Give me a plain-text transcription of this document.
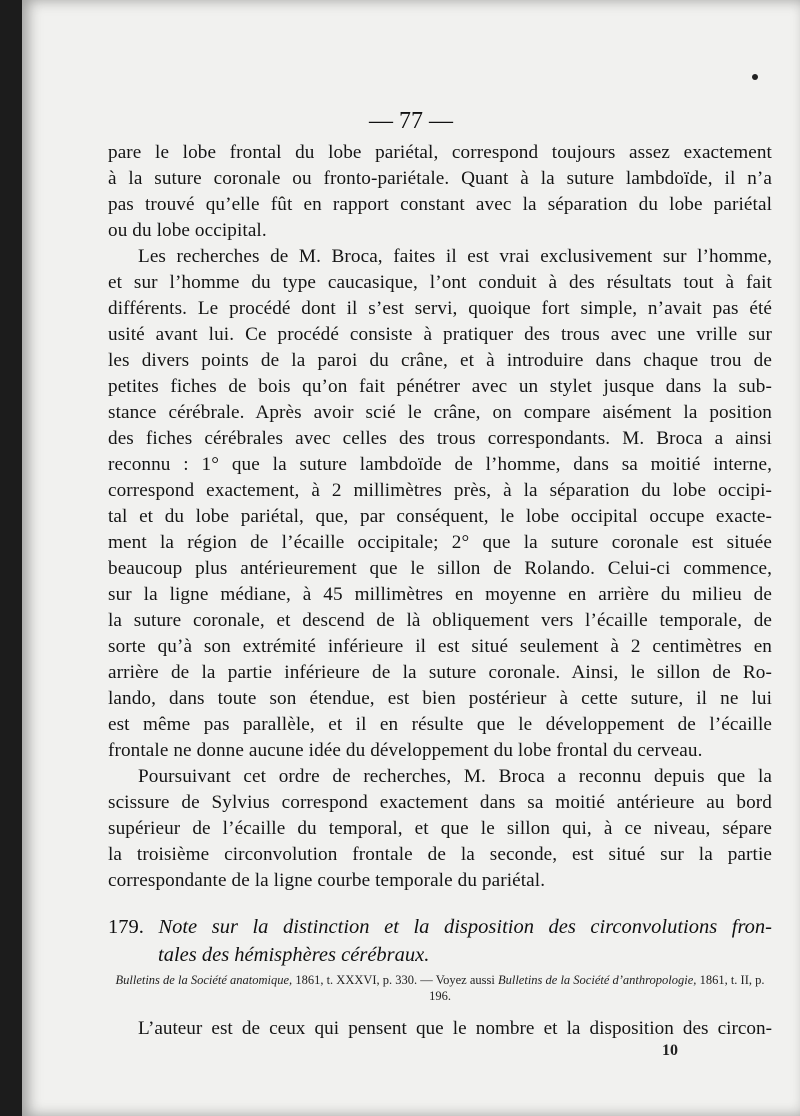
— 77 —
pare le lobe frontal du lobe pariétal, correspond toujours assez exactement
à la suture coronale ou fronto-pariétale. Quant à la suture lambdoïde, il n’a
pas trouvé qu’elle fût en rapport constant avec la séparation du lobe pariétal
ou du lobe occipital.
Les recherches de M. Broca, faites il est vrai exclusivement sur l’homme,
et sur l’homme du type caucasique, l’ont conduit à des résultats tout à fait
différents. Le procédé dont il s’est servi, quoique fort simple, n’avait pas été
usité avant lui. Ce procédé consiste à pratiquer des trous avec une vrille sur
les divers points de la paroi du crâne, et à introduire dans chaque trou de
petites fiches de bois qu’on fait pénétrer avec un stylet jusque dans la sub-
stance cérébrale. Après avoir scié le crâne, on compare aisément la position
des fiches cérébrales avec celles des trous correspondants. M. Broca a ainsi
reconnu : 1° que la suture lambdoïde de l’homme, dans sa moitié interne,
correspond exactement, à 2 millimètres près, à la séparation du lobe occipi-
tal et du lobe pariétal, que, par conséquent, le lobe occipital occupe exacte-
ment la région de l’écaille occipitale; 2° que la suture coronale est située
beaucoup plus antérieurement que le sillon de Rolando. Celui-ci commence,
sur la ligne médiane, à 45 millimètres en moyenne en arrière du milieu de
la suture coronale, et descend de là obliquement vers l’écaille temporale, de
sorte qu’à son extrémité inférieure il est situé seulement à 2 centimètres en
arrière de la partie inférieure de la suture coronale. Ainsi, le sillon de Ro-
lando, dans toute son étendue, est bien postérieur à cette suture, il ne lui
est même pas parallèle, et il en résulte que le développement de l’écaille
frontale ne donne aucune idée du développement du lobe frontal du cerveau.
Poursuivant cet ordre de recherches, M. Broca a reconnu depuis que la
scissure de Sylvius correspond exactement dans sa moitié antérieure au bord
supérieur de l’écaille du temporal, et que le sillon qui, à ce niveau, sépare
la troisième circonvolution frontale de la seconde, est situé sur la partie
correspondante de la ligne courbe temporale du pariétal.
179. Note sur la distinction et la disposition des circonvolutions fron-
tales des hémisphères cérébraux.
Bulletins de la Société anatomique, 1861, t. XXXVI, p. 330. — Voyez aussi Bulletins de la Société d’anthropologie, 1861, t. II, p. 196.
L’auteur est de ceux qui pensent que le nombre et la disposition des circon-
10
